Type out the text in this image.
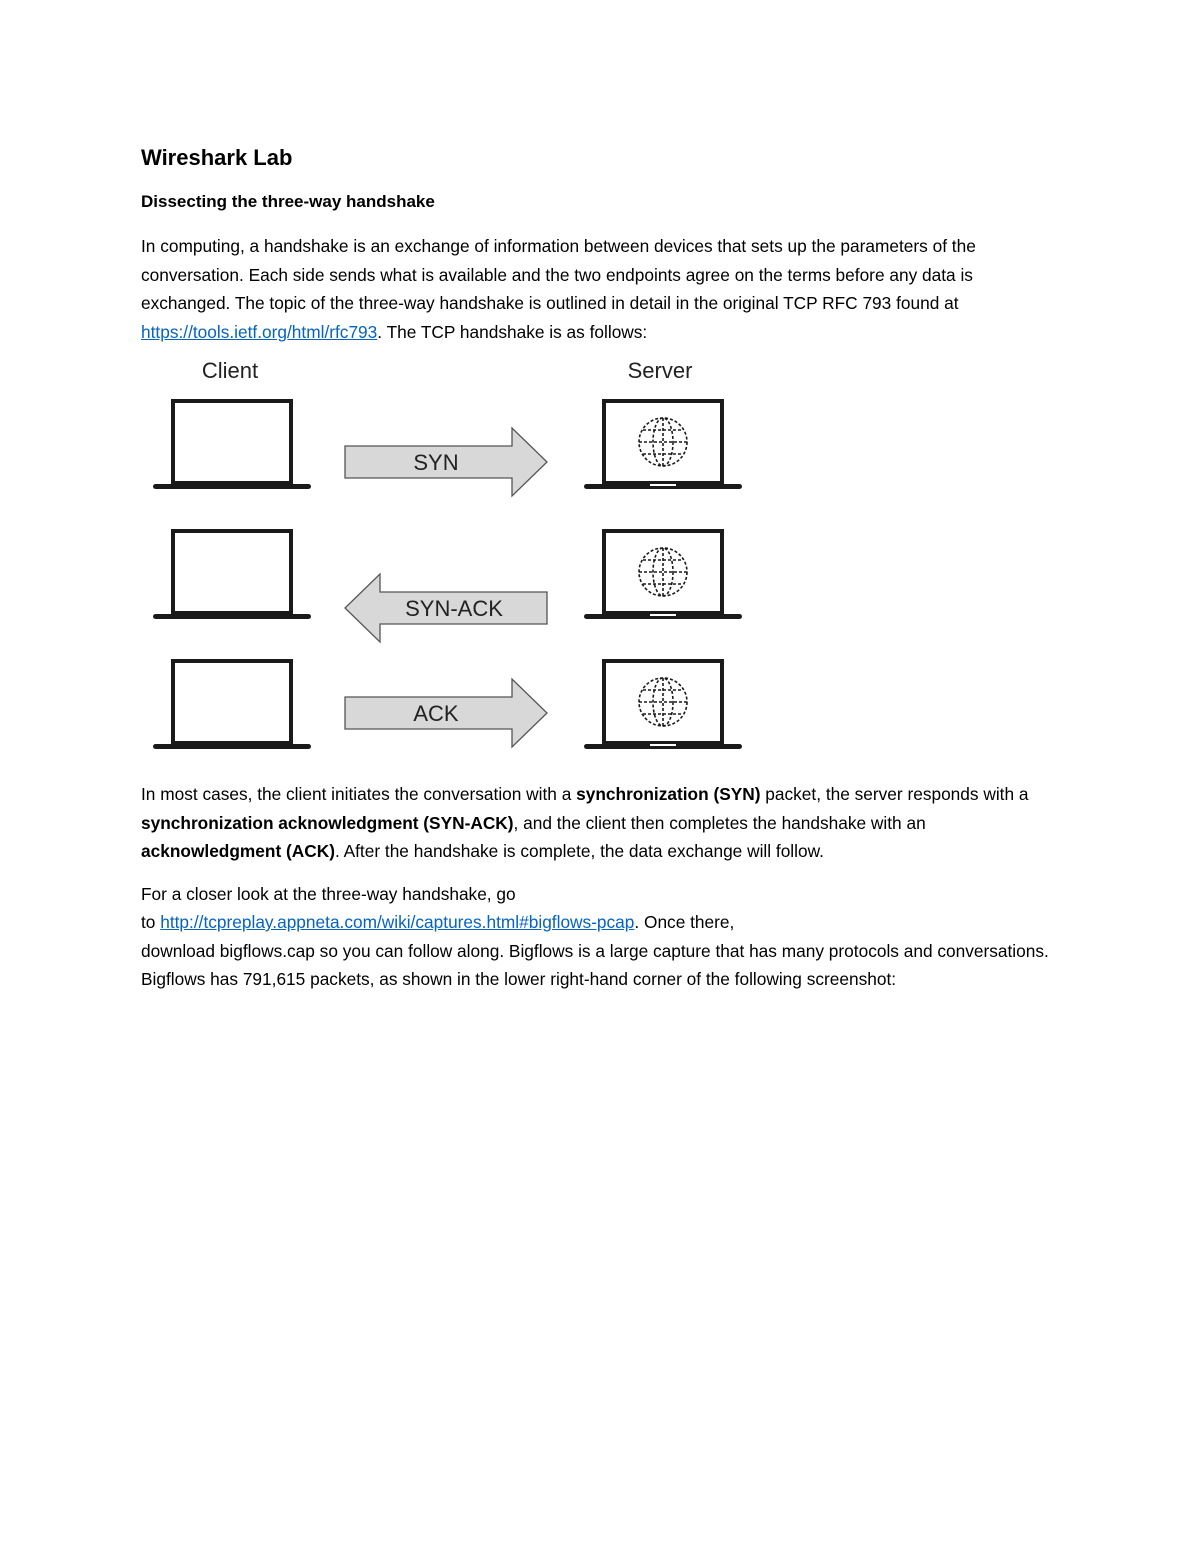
Wireshark Lab
Dissecting the three-way handshake

In computing, a handshake is an exchange of information between devices that sets up the parameters of the conversation. Each side sends what is available and the two endpoints agree on the terms before any data is exchanged. The topic of the three-way handshake is outlined in detail in the original TCP RFC 793 found at https://tools.ietf.org/html/rfc793. The TCP handshake is as follows:

Client	Server
SYN
SYN-ACK
ACK

In most cases, the client initiates the conversation with a synchronization (SYN) packet, the server responds with a synchronization acknowledgment (SYN-ACK), and the client then completes the handshake with an acknowledgment (ACK). After the handshake is complete, the data exchange will follow.

For a closer look at the three-way handshake, go
to http://tcpreplay.appneta.com/wiki/captures.html#bigflows-pcap. Once there,
download bigflows.cap so you can follow along. Bigflows is a large capture that has many protocols and conversations. Bigflows has 791,615 packets, as shown in the lower right-hand corner of the following screenshot:
